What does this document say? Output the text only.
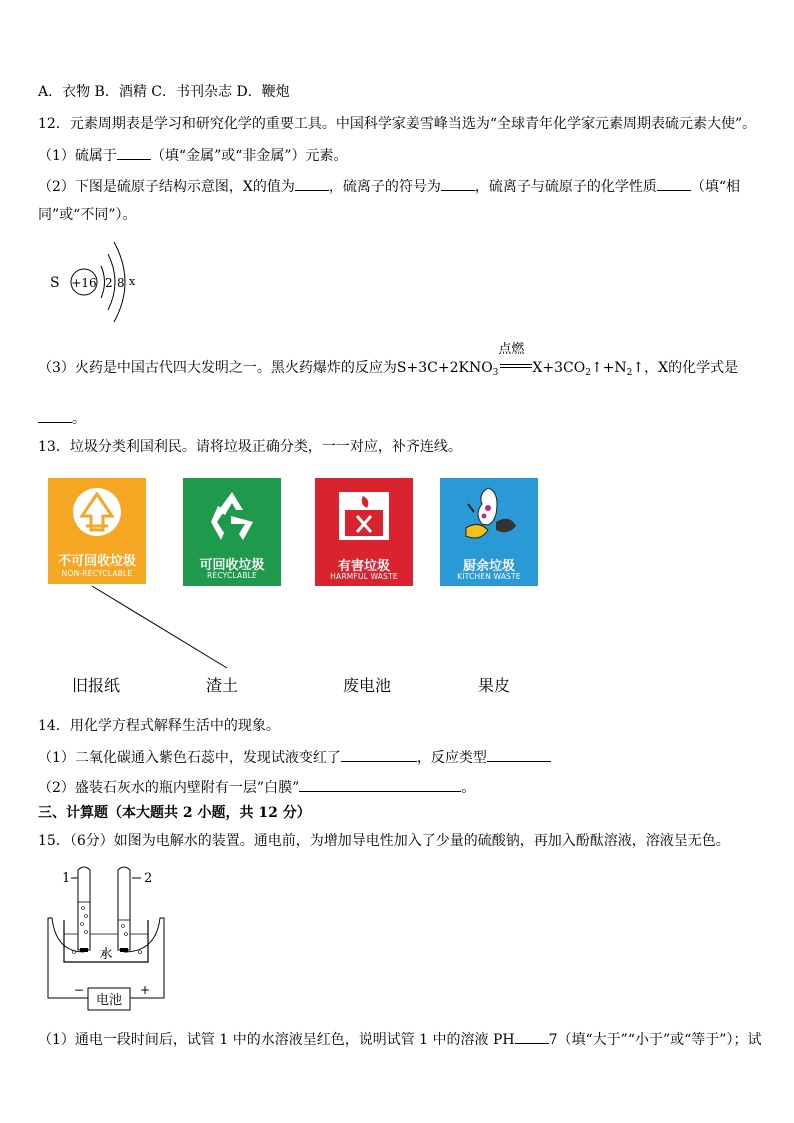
A．衣物 B．酒精 C．书刊杂志 D．鞭炮
12．元素周期表是学习和研究化学的重要工具。中国科学家姜雪峰当选为“全球青年化学家元素周期表硫元素大使”。
（1）硫属于 （填“金属”或“非金属”）元素。
（2）下图是硫原子结构示意图，X的值为 ，硫离子的符号为 ，硫离子与硫原子的化学性质 （填“相
同”或“不同”）。
S +16 2 8 x
（3）火药是中国古代四大发明之一。黑火药爆炸的反应为$S+3C+2KNO_3$
点燃
$X+3CO_2↑+N_2↑$，X的化学式是
。
13．垃圾分类利国利民。请将垃圾正确分类，一一对应，补齐连线。
不可回收垃圾
NON-RECYCLABLE
可回收垃圾
RECYCLABLE
有害垃圾
HARMFUL WASTE
厨余垃圾
KITCHEN WASTE
旧报纸	渣土	废电池	果皮
14．用化学方程式解释生活中的现象。
（1）二氧化碳通入紫色石蕊中，发现试液变红了	，反应类型
（2）盛装石灰水的瓶内壁附有一层”白膜”	。
三、计算题（本大题共 2 小题，共 12 分）
15．（6分）如图为电解水的装置。通电前，为增加导电性加入了少量的硫酸钠，再加入酚酞溶液，溶液呈无色。
1	2
水
电池
−	+
（1）通电一段时间后，试管 1 中的水溶液呈红色，说明试管 1 中的溶液 PH 7（填“大于”“小于”或“等于”）；试
